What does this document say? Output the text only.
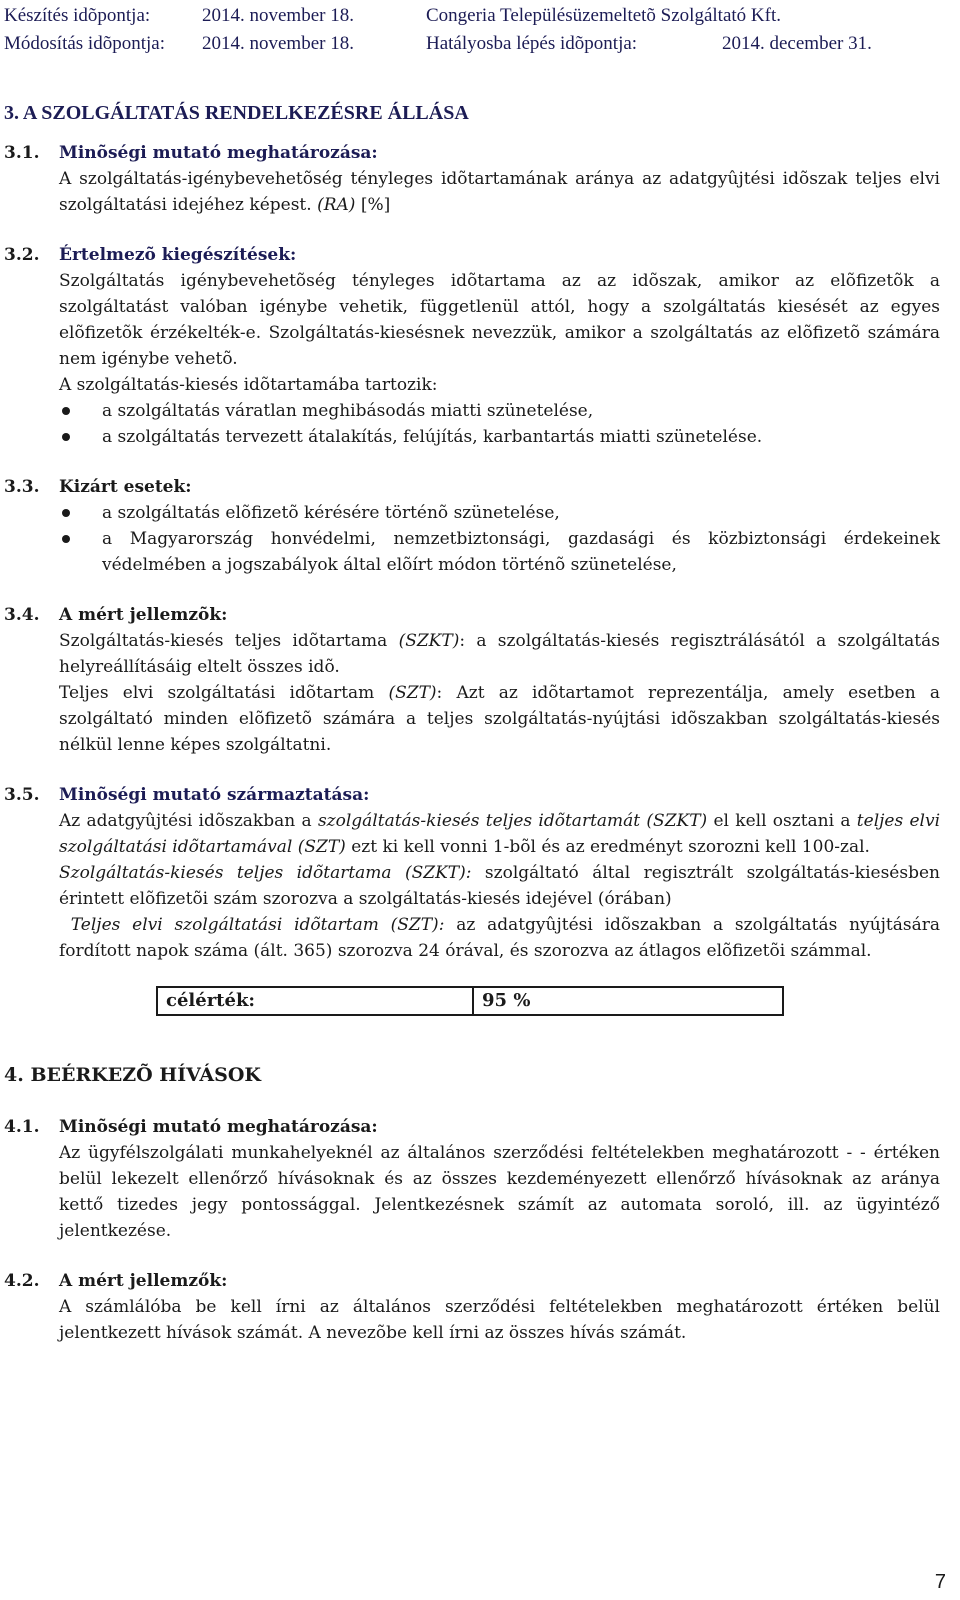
Készítés idõpontja:	2014. november 18.	Congeria Településüzemeltetõ Szolgáltató Kft.
Módosítás idõpontja: 2014. november 18.	Hatályosba lépés idõpontja:	2014. december 31.
3. A SZOLGÁLTATÁS RENDELKEZÉSRE ÁLLÁSA
3.1. Minõségi mutató meghatározása:

A szolgáltatás-igénybevehetõség tényleges idõtartamának aránya az adatgyûjtési idõszak teljes elvi szolgáltatási idejéhez képest. (RA) [%]

3.2. Értelmezõ kiegészítések:

Szolgáltatás igénybevehetõség tényleges idõtartama az az idõszak, amikor az elõfizetõk a szolgáltatást valóban igénybe vehetik, függetlenül attól, hogy a szolgáltatás kiesését az egyes elõfizetõk érzékelték-e. Szolgáltatás-kiesésnek nevezzük, amikor a szolgáltatás az elõfizetõ számára nem igénybe vehetõ.

A szolgáltatás-kiesés idõtartamába tartozik:

a szolgáltatás váratlan meghibásodás miatti szünetelése,
a szolgáltatás tervezett átalakítás, felújítás, karbantartás miatti szünetelése.
3.3. Kizárt esetek:
a szolgáltatás elõfizetõ kérésére történõ szünetelése,
a Magyarország honvédelmi, nemzetbiztonsági, gazdasági és közbiztonsági érdekeinek védelmében a jogszabályok által elõírt módon történõ szünetelése,
3.4. A mért jellemzõk:

Szolgáltatás-kiesés teljes idõtartama (SZKT): a szolgáltatás-kiesés regisztrálásától a szolgáltatás helyreállításáig eltelt összes idõ.

Teljes elvi szolgáltatási idõtartam (SZT): Azt az idõtartamot reprezentálja, amely esetben a szolgáltató minden elõfizetõ számára a teljes szolgáltatás-nyújtási idõszakban szolgáltatás-kiesés nélkül lenne képes szolgáltatni.

3.5. Minõségi mutató származtatása:

Az adatgyûjtési idõszakban a szolgáltatás-kiesés teljes idõtartamát (SZKT) el kell osztani a teljes elvi szolgáltatási idõtartamával (SZT) ezt ki kell vonni 1-bõl és az eredményt szorozni kell 100-zal.

Szolgáltatás-kiesés teljes idõtartama (SZKT): szolgáltató által regisztrált szolgáltatás-kiesésben érintett elõfizetõi szám szorozva a szolgáltatás-kiesés idejével (órában)

Teljes elvi szolgáltatási idõtartam (SZT): az adatgyûjtési idõszakban a szolgáltatás nyújtására fordított napok száma (ált. 365) szorozva 24 órával, és szorozva az átlagos elõfizetõi számmal.

célérték:	95 %
4. BEÉRKEZÕ HÍVÁSOK
4.1. Minõségi mutató meghatározása:

Az ügyfélszolgálati munkahelyeknél az általános szerződési feltételekben meghatározott - - értéken belül lekezelt ellenőrző hívásoknak és az összes kezdeményezett ellenőrző hívásoknak az aránya kettő tizedes jegy pontossággal. Jelentkezésnek számít az automata soroló, ill. az ügyintéző jelentkezése.

4.2. A mért jellemzők:

A számlálóba be kell írni az általános szerződési feltételekben meghatározott értéken belül jelentkezett hívások számát. A nevezõbe kell írni az összes hívás számát.

7
